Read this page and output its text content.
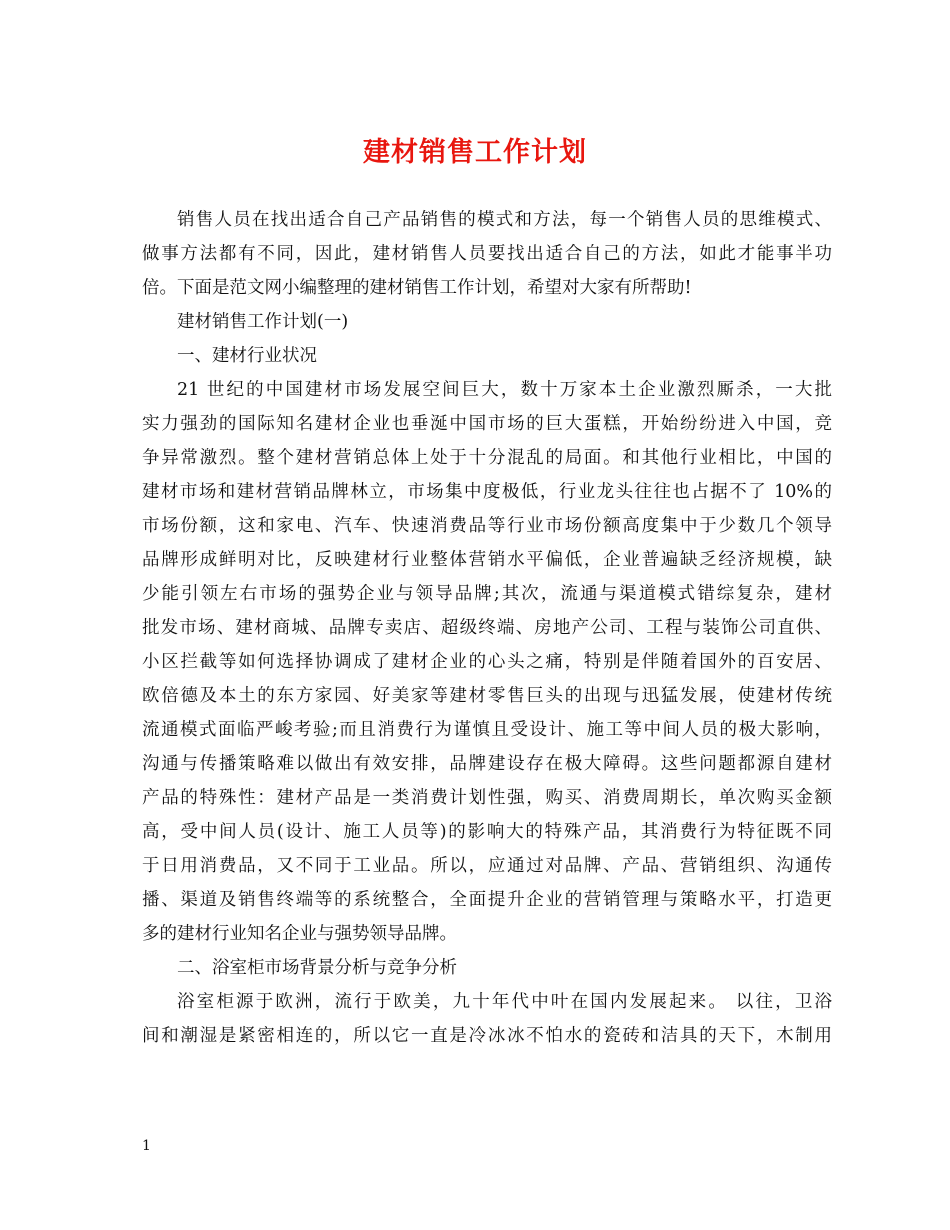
建材销售工作计划
销售人员在找出适合自己产品销售的模式和方法，每一个销售人员的思维模式、
做事方法都有不同，因此，建材销售人员要找出适合自己的方法，如此才能事半功
倍。下面是范文网小编整理的建材销售工作计划，希望对大家有所帮助!
建材销售工作计划(一)
一、建材行业状况
21 世纪的中国建材市场发展空间巨大，数十万家本土企业激烈厮杀，一大批
实力强劲的国际知名建材企业也垂涎中国市场的巨大蛋糕，开始纷纷进入中国，竞
争异常激烈。整个建材营销总体上处于十分混乱的局面。和其他行业相比，中国的
建材市场和建材营销品牌林立，市场集中度极低，行业龙头往往也占据不了 10%的
市场份额，这和家电、汽车、快速消费品等行业市场份额高度集中于少数几个领导
品牌形成鲜明对比，反映建材行业整体营销水平偏低，企业普遍缺乏经济规模，缺
少能引领左右市场的强势企业与领导品牌;其次，流通与渠道模式错综复杂，建材
批发市场、建材商城、品牌专卖店、超级终端、房地产公司、工程与装饰公司直供、
小区拦截等如何选择协调成了建材企业的心头之痛，特别是伴随着国外的百安居、
欧倍德及本土的东方家园、好美家等建材零售巨头的出现与迅猛发展，使建材传统
流通模式面临严峻考验;而且消费行为谨慎且受设计、施工等中间人员的极大影响，
沟通与传播策略难以做出有效安排，品牌建设存在极大障碍。这些问题都源自建材
产品的特殊性：建材产品是一类消费计划性强，购买、消费周期长，单次购买金额
高，受中间人员(设计、施工人员等)的影响大的特殊产品，其消费行为特征既不同
于日用消费品，又不同于工业品。所以，应通过对品牌、产品、营销组织、沟通传
播、渠道及销售终端等的系统整合，全面提升企业的营销管理与策略水平，打造更
多的建材行业知名企业与强势领导品牌。
二、浴室柜市场背景分析与竞争分析
浴室柜源于欧洲，流行于欧美，九十年代中叶在国内发展起来。 以往，卫浴
间和潮湿是紧密相连的，所以它一直是冷冰冰不怕水的瓷砖和洁具的天下，木制用
1
